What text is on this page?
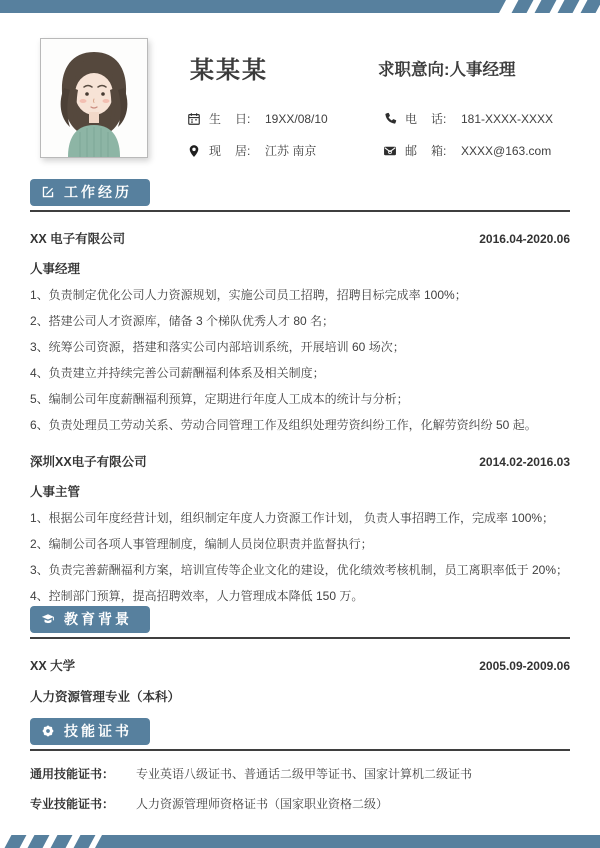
某某某	求职意向:人事经理
生	日:	19XX/08/10	电	话:	181-XXXX-XXXX
现	居:	江苏 南京	邮	箱:	XXXX@163.com
工作经历
XX 电子有限公司	2016.04-2020.06
人事经理
1、负责制定优化公司人力资源规划，实施公司员工招聘，招聘目标完成率 100%；
2、搭建公司人才资源库，储备 3 个梯队优秀人才 80 名；
3、统筹公司资源，搭建和落实公司内部培训系统，开展培训 60 场次；
4、负责建立并持续完善公司薪酬福利体系及相关制度；
5、编制公司年度薪酬福利预算，定期进行年度人工成本的统计与分析；
6、负责处理员工劳动关系、劳动合同管理工作及组织处理劳资纠纷工作，化解劳资纠纷 50 起。
深圳XX电子有限公司	2014.02-2016.03
人事主管
1、根据公司年度经营计划，组织制定年度人力资源工作计划， 负责人事招聘工作，完成率 100%；
2、编制公司各项人事管理制度，编制人员岗位职责并监督执行；
3、负责完善薪酬福利方案，培训宣传等企业文化的建设，优化绩效考核机制，员工离职率低于 20%；
4、控制部门预算，提高招聘效率，人力管理成本降低 150 万。
教育背景
XX 大学	2005.09-2009.06
人力资源管理专业（本科）
技能证书
通用技能证书：	专业英语八级证书、普通话二级甲等证书、国家计算机二级证书
专业技能证书：	人力资源管理师资格证书（国家职业资格二级）
